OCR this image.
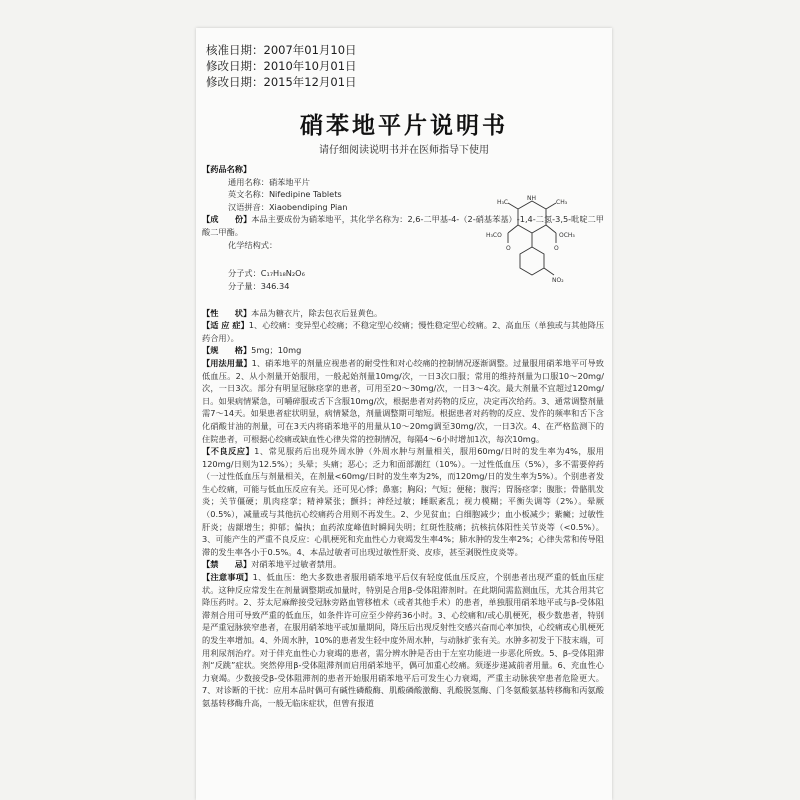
核准日期：2007年01月10日
修改日期：2010年10月01日
修改日期：2015年12月01日
硝苯地平片说明书
请仔细阅读说明书并在医师指导下使用
【药品名称】
通用名称：硝苯地平片
英文名称：Nifedipine Tablets
汉语拼音：Xiaobendiping Pian

【成　　份】本品主要成份为硝苯地平，其化学名称为：2,6-二甲基-4-（2-硝基苯基）-1,4-二氢-3,5-吡啶二甲酸二甲酯。

化学结构式：
分子式：C₁₇H₁₈N₂O₆
分子量：346.34
H₃C
NH
CH₃
H₃CO	OCH₃
O	O
NO₂

【性　　状】本品为糖衣片，除去包衣后显黄色。

【适 应 症】1、心绞痛：变异型心绞痛；不稳定型心绞痛；慢性稳定型心绞痛。2、高血压（单独或与其他降压药合用）。

【规　　格】5mg；10mg

【用法用量】1、硝苯地平的剂量应视患者的耐受性和对心绞痛的控制情况逐渐调整。过量服用硝苯地平可导致低血压。2、从小剂量开始服用，一般起始剂量10mg/次，一日3次口服；常用的维持剂量为口服10～20mg/次，一日3次。部分有明显冠脉痉挛的患者，可用至20～30mg/次，一日3～4次。最大剂量不宜超过120mg/日。如果病情紧急，可嚼碎服或舌下含服10mg/次，根据患者对药物的反应，决定再次给药。3、通常调整剂量需7～14天。如果患者症状明显，病情紧急，剂量调整期可缩短。根据患者对药物的反应、发作的频率和舌下含化硝酸甘油的剂量，可在3天内将硝苯地平的用量从10～20mg调至30mg/次，一日3次。4、在严格监测下的住院患者，可根据心绞痛或缺血性心律失常的控制情况，每隔4～6小时增加1次，每次10mg。

【不良反应】1、常见服药后出现外周水肿（外周水肿与剂量相关，服用60mg/日时的发生率为4%，服用120mg/日则为12.5%）；头晕；头痛；恶心；乏力和面部潮红（10%）。一过性低血压（5%），多不需要停药（一过性低血压与剂量相关，在剂量<60mg/日时的发生率为2%，而120mg/日的发生率为5%）。个别患者发生心绞痛，可能与低血压反应有关。还可见心悸；鼻塞；胸闷；气短；便秘；腹泻；胃肠痉挛；腹胀；骨骼肌发炎；关节僵硬；肌肉痉挛；精神紧张；颤抖；神经过敏；睡眠紊乱；视力模糊；平衡失调等（2%）。晕厥（0.5%），减量或与其他抗心绞痛药合用则不再发生。2、少见贫血；白细胞减少；血小板减少；紫癜；过敏性肝炎；齿龈增生；抑郁；偏执；血药浓度峰值时瞬间失明；红斑性肢痛；抗核抗体阳性关节炎等（<0.5%）。3、可能产生的严重不良反应：心肌梗死和充血性心力衰竭发生率4%；肺水肿的发生率2%；心律失常和传导阻滞的发生率各小于0.5%。4、本品过敏者可出现过敏性肝炎、皮疹，甚至剥脱性皮炎等。

【禁　　忌】对硝苯地平过敏者禁用。

【注意事项】1、低血压：绝大多数患者服用硝苯地平后仅有轻度低血压反应，个别患者出现严重的低血压症状。这种反应常发生在剂量调整期或加量时，特别是合用β-受体阻滞剂时。在此期间需监测血压，尤其合用其它降压药时。2、芬太尼麻醉接受冠脉旁路血管移植术（或者其他手术）的患者，单独服用硝苯地平或与β-受体阻滞剂合用可导致严重的低血压，如条件许可应至少停药36小时。3、心绞痛和/或心肌梗死，极少数患者，特别是严重冠脉狭窄患者，在服用硝苯地平或加量期间，降压后出现反射性交感兴奋而心率加快，心绞痛或心肌梗死的发生率增加。4、外周水肿，10%的患者发生轻中度外周水肿，与动脉扩张有关。水肿多初发于下肢末端，可用利尿剂治疗。对于伴充血性心力衰竭的患者，需分辨水肿是否由于左室功能进一步恶化所致。5、β-受体阻滞剂“反跳”症状。突然停用β-受体阻滞剂而启用硝苯地平，偶可加重心绞痛。须逐步递减前者用量。6、充血性心力衰竭。少数接受β-受体阻滞剂的患者开始服用硝苯地平后可发生心力衰竭，严重主动脉狭窄患者危险更大。7、对诊断的干扰：应用本品时偶可有碱性磷酸酶、肌酸磷酸激酶、乳酸脱氢酶、门冬氨酸氨基转移酶和丙氨酸氨基转移酶升高，一般无临床症状，但曾有报道
